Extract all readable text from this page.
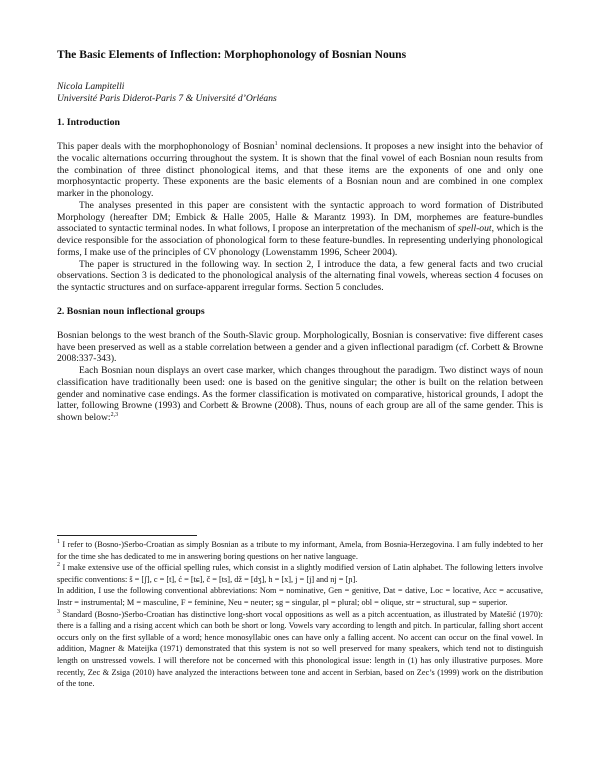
The Basic Elements of Inflection: Morphophonology of Bosnian Nouns
Nicola Lampitelli
Université Paris Diderot-Paris 7 & Université d’Orléans
1. Introduction

This paper deals with the morphophonology of Bosnian$^1$ nominal declensions. It proposes a new insight into the behavior of the vocalic alternations occurring throughout the system. It is shown that the final vowel of each Bosnian noun results from the combination of three distinct phonological items, and that these items are the exponents of one and only one morphosyntactic property. These exponents are the basic elements of a Bosnian noun and are combined in one complex marker in the phonology.

The analyses presented in this paper are consistent with the syntactic approach to word formation of Distributed Morphology (hereafter DM; Embick & Halle 2005, Halle & Marantz 1993). In DM, morphemes are feature-bundles associated to syntactic terminal nodes. In what follows, I propose an interpretation of the mechanism of spell-out, which is the device responsible for the association of phonological form to these feature-bundles. In representing underlying phonological forms, I make use of the principles of CV phonology (Lowenstamm 1996, Scheer 2004).

The paper is structured in the following way. In section 2, I introduce the data, a few general facts and two crucial observations. Section 3 is dedicated to the phonological analysis of the alternating final vowels, whereas section 4 focuses on the syntactic structures and on surface-apparent irregular forms. Section 5 concludes.

2. Bosnian noun inflectional groups

Bosnian belongs to the west branch of the South-Slavic group. Morphologically, Bosnian is conservative: five different cases have been preserved as well as a stable correlation between a gender and a given inflectional paradigm (cf. Corbett & Browne 2008:337-343).

Each Bosnian noun displays an overt case marker, which changes throughout the paradigm. Two distinct ways of noun classification have traditionally been used: one is based on the genitive singular; the other is built on the relation between gender and nominative case endings. As the former classification is motivated on comparative, historical grounds, I adopt the latter, following Browne (1993) and Corbett & Browne (2008). Thus, nouns of each group are all of the same gender. This is shown below:$^{2,3}$

$^1$ I refer to (Bosno-)Serbo-Croatian as simply Bosnian as a tribute to my informant, Amela, from Bosnia-Herzegovina. I am fully indebted to her for the time she has dedicated to me in answering boring questions on her native language.

$^2$ I make extensive use of the official spelling rules, which consist in a slightly modified version of Latin alphabet. The following letters involve specific conventions: š = [ʃ], c = [t], ć = [tɕ], č = [ts], dž = [dʒ], h = [x], j = [j] and nj = [ɲ].

In addition, I use the following conventional abbreviations: Nom = nominative, Gen = genitive, Dat = dative, Loc = locative, Acc = accusative, Instr = instrumental; M = masculine, F = feminine, Neu = neuter; sg = singular, pl = plural; obl = olique, str = structural, sup = superior.

$^3$ Standard (Bosno-)Serbo-Croatian has distinctive long-short vocal oppositions as well as a pitch accentuation, as illustrated by Matešić (1970): there is a falling and a rising accent which can both be short or long. Vowels vary according to length and pitch. In particular, falling short accent occurs only on the first syllable of a word; hence monosyllabic ones can have only a falling accent. No accent can occur on the final vowel. In addition, Magner & Mateijka (1971) demonstrated that this system is not so well preserved for many speakers, which tend not to distinguish length on unstressed vowels. I will therefore not be concerned with this phonological issue: length in (1) has only illustrative purposes. More recently, Zec & Zsiga (2010) have analyzed the interactions between tone and accent in Serbian, based on Zec’s (1999) work on the distribution of the tone.
